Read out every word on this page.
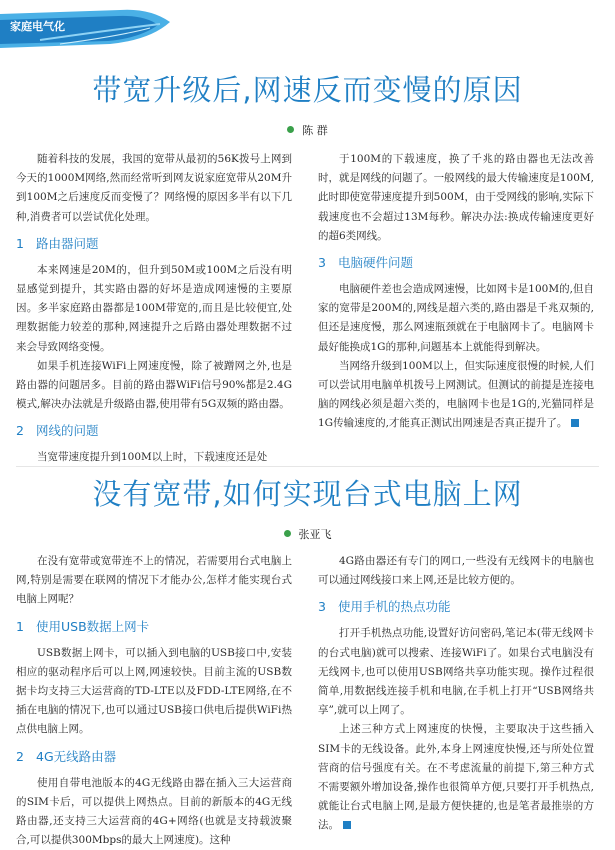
家庭电气化
带宽升级后,网速反而变慢的原因
陈 群

随着科技的发展，我国的宽带从最初的56K拨号上网到今天的1000M网络,然而经常听到网友说家庭宽带从20M升到100M之后速度反而变慢了？网络慢的原因多半有以下几种,消费者可以尝试优化处理。

1 路由器问题

本来网速是20M的，但升到50M或100M之后没有明显感觉到提升，其实路由器的好坏是造成网速慢的主要原因。多半家庭路由器都是100M带宽的,而且是比较便宜,处理数据能力较差的那种,网速提升之后路由器处理数据不过来会导致网络变慢。

如果手机连接WiFi上网速度慢，除了被蹭网之外,也是路由器的问题居多。目前的路由器WiFi信号90%都是2.4G模式,解决办法就是升级路由器,使用带有5G双频的路由器。

2 网线的问题

当宽带速度提升到100M以上时，下载速度还是处

于100M的下载速度，换了千兆的路由器也无法改善时，就是网线的问题了。一般网线的最大传输速度是100M,此时即使宽带速度提升到500M，由于受网线的影响,实际下载速度也不会超过13M每秒。解决办法:换成传输速度更好的超6类网线。

3 电脑硬件问题

电脑硬件差也会造成网速慢，比如网卡是100M的,但自家的宽带是200M的,网线是超六类的,路由器是千兆双频的,但还是速度慢，那么网速瓶颈就在于电脑网卡了。电脑网卡最好能换成1G的那种,问题基本上就能得到解决。

当网络升级到100M以上，但实际速度很慢的时候,人们可以尝试用电脑单机拨号上网测试。但测试的前提是连接电脑的网线必须是超六类的，电脑网卡也是1G的,光猫同样是1G传输速度的,才能真正测试出网速是否真正提升了。

没有宽带,如何实现台式电脑上网
张亚飞

在没有宽带或宽带连不上的情况，若需要用台式电脑上网,特别是需要在联网的情况下才能办公,怎样才能实现台式电脑上网呢？

1 使用USB数据上网卡

USB数据上网卡，可以插入到电脑的USB接口中,安装相应的驱动程序后可以上网,网速较快。目前主流的USB数据卡均支持三大运营商的TD-LTE以及FDD-LTE网络,在不插在电脑的情况下,也可以通过USB接口供电后提供WiFi热点供电脑上网。

2 4G无线路由器

使用自带电池版本的4G无线路由器在插入三大运营商的SIM卡后，可以提供上网热点。目前的新版本的4G无线路由器,还支持三大运营商的4G+网络(也就是支持载波聚合,可以提供300Mbps的最大上网速度)。这种

4G路由器还有专门的网口,一些没有无线网卡的电脑也可以通过网线接口来上网,还是比较方便的。

3 使用手机的热点功能

打开手机热点功能,设置好访问密码,笔记本(带无线网卡的台式电脑)就可以搜索、连接WiFi了。如果台式电脑没有无线网卡,也可以使用USB网络共享功能实现。操作过程很简单,用数据线连接手机和电脑,在手机上打开“USB网络共享”,就可以上网了。

上述三种方式上网速度的快慢，主要取决于这些插入SIM卡的无线设备。此外,本身上网速度快慢,还与所处位置营商的信号强度有关。在不考虑流量的前提下,第三种方式不需要额外增加设备,操作也很简单方便,只要打开手机热点,就能让台式电脑上网,是最方便快捷的,也是笔者最推崇的方法。
